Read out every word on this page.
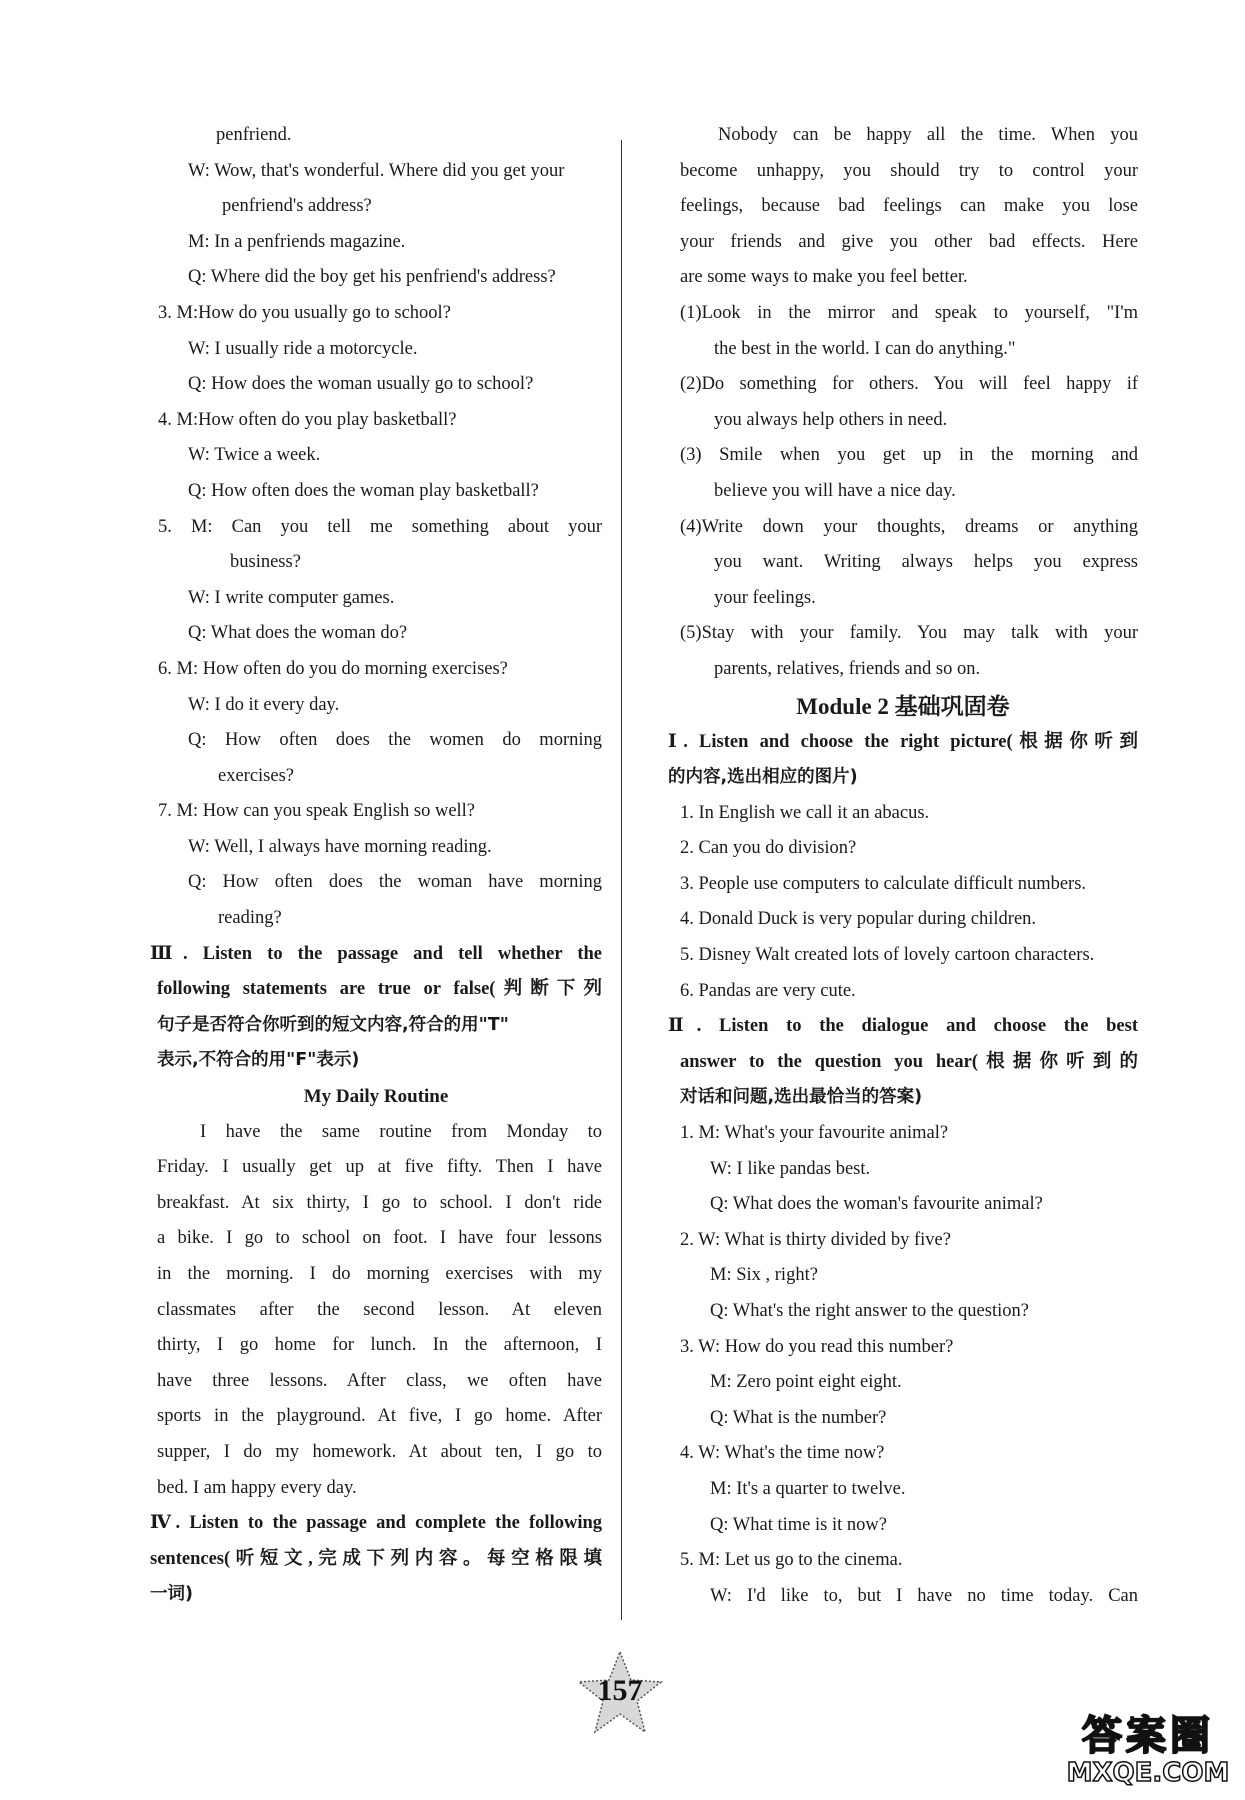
penfriend.
W: Wow, that's wonderful. Where did you get your
penfriend's address?
M: In a penfriends magazine.
Q: Where did the boy get his penfriend's address?
3. M:How do you usually go to school?
W: I usually ride a motorcycle.
Q: How does the woman usually go to school?
4. M:How often do you play basketball?
W: Twice a week.
Q: How often does the woman play basketball?
5. M: Can you tell me something about your
business?
W: I write computer games.
Q: What does the woman do?
6. M: How often do you do morning exercises?
W: I do it every day.
Q: How often does the women do morning
exercises?
7. M: How can you speak English so well?
W: Well, I always have morning reading.
Q: How often does the woman have morning
reading?
Ⅲ. Listen to the passage and tell whether the
following statements are true or false(判断下列
句子是否符合你听到的短文内容,符合的用"T"
表示,不符合的用"F"表示)
My Daily Routine
I have the same routine from Monday to
Friday. I usually get up at five fifty. Then I have
breakfast. At six thirty, I go to school. I don't ride
a bike. I go to school on foot. I have four lessons
in the morning. I do morning exercises with my
classmates after the second lesson. At eleven
thirty, I go home for lunch. In the afternoon, I
have three lessons. After class, we often have
sports in the playground. At five, I go home. After
supper, I do my homework. At about ten, I go to
bed. I am happy every day.
Ⅳ. Listen to the passage and complete the following
sentences(听短文,完成下列内容。每空格限填
一词)
Nobody can be happy all the time. When you
become unhappy, you should try to control your
feelings, because bad feelings can make you lose
your friends and give you other bad effects. Here
are some ways to make you feel better.
(1)Look in the mirror and speak to yourself, "I'm
the best in the world. I can do anything."
(2)Do something for others. You will feel happy if
you always help others in need.
(3) Smile when you get up in the morning and
believe you will have a nice day.
(4)Write down your thoughts, dreams or anything
you want. Writing always helps you express
your feelings.
(5)Stay with your family. You may talk with your
parents, relatives, friends and so on.
Module 2 基础巩固卷
Ⅰ. Listen and choose the right picture(根据你听到
的内容,选出相应的图片)
1. In English we call it an abacus.
2. Can you do division?
3. People use computers to calculate difficult numbers.
4. Donald Duck is very popular during children.
5. Disney Walt created lots of lovely cartoon characters.
6. Pandas are very cute.
Ⅱ. Listen to the dialogue and choose the best
answer to the question you hear(根据你听到的
对话和问题,选出最恰当的答案)
1. M: What's your favourite animal?
W: I like pandas best.
Q: What does the woman's favourite animal?
2. W: What is thirty divided by five?
M: Six , right?
Q: What's the right answer to the question?
3. W: How do you read this number?
M: Zero point eight eight.
Q: What is the number?
4. W: What's the time now?
M: It's a quarter to twelve.
Q: What time is it now?
5. M: Let us go to the cinema.
W: I'd like to, but I have no time today. Can
157
答案圈
MXQE.COM
